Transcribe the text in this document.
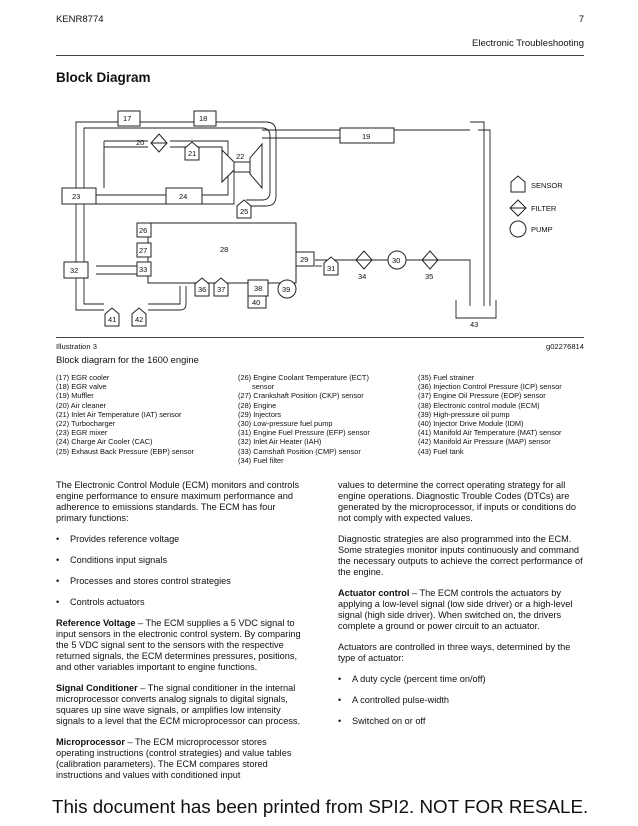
KENR8774	7
Electronic Troubleshooting
Block Diagram
17	18
19
20
21	22
23	24
25
26
27	28
29	30
31
32	33
34	35
36 37	38	39
40
41 42
43
SENSOR
FILTER
PUMP
Illustration 3	g02276814
Block diagram for the 1600 engine
(17) EGR cooler
(18) EGR valve
(19) Muffler
(20) Air cleaner
(21) Inlet Air Temperature (IAT) sensor
(22) Turbocharger
(23) EGR mixer
(24) Charge Air Cooler (CAC)
(25) Exhaust Back Pressure (EBP) sensor
(26) Engine Coolant Temperature (ECT)
sensor
(27) Crankshaft Position (CKP) sensor
(28) Engine
(29) Injectors
(30) Low-pressure fuel pump
(31) Engine Fuel Pressure (EFP) sensor
(32) Inlet Air Heater (IAH)
(33) Camshaft Position (CMP) sensor
(34) Fuel filter
(35) Fuel strainer
(36) Injection Control Pressure (ICP) sensor
(37) Engine Oil Pressure (EOP) sensor
(38) Electronic control module (ECM)
(39) High-pressure oil pump
(40) Injector Drive Module (IDM)
(41) Manifold Air Temperature (MAT) sensor
(42) Manifold Air Pressure (MAP) sensor
(43) Fuel tank

The Electronic Control Module (ECM) monitors and controls engine performance to ensure maximum performance and adherence to emissions standards. The ECM has four primary functions:

•	Provides reference voltage
•	Conditions input signals
•	Processes and stores control strategies
•	Controls actuators

Reference Voltage – The ECM supplies a 5 VDC signal to input sensors in the electronic control system. By comparing the 5 VDC signal sent to the sensors with the respective returned signals, the ECM determines pressures, positions, and other variables important to engine functions.

Signal Conditioner – The signal conditioner in the internal microprocessor converts analog signals to digital signals, squares up sine wave signals, or amplifies low intensity signals to a level that the ECM microprocessor can process.

Microprocessor – The ECM microprocessor stores operating instructions (control strategies) and value tables (calibration parameters). The ECM compares stored instructions and values with conditioned input

values to determine the correct operating strategy for all engine operations. Diagnostic Trouble Codes (DTCs) are generated by the microprocessor, if inputs or conditions do not comply with expected values.

Diagnostic strategies are also programmed into the ECM. Some strategies monitor inputs continuously and command the necessary outputs to achieve the correct performance of the engine.

Actuator control – The ECM controls the actuators by applying a low-level signal (low side driver) or a high-level signal (high side driver). When switched on, the drivers complete a ground or power circuit to an actuator.

Actuators are controlled in three ways, determined by the type of actuator:

•	A duty cycle (percent time on/off)
•	A controlled pulse-width
•	Switched on or off
This document has been printed from SPI2. NOT FOR RESALE.
